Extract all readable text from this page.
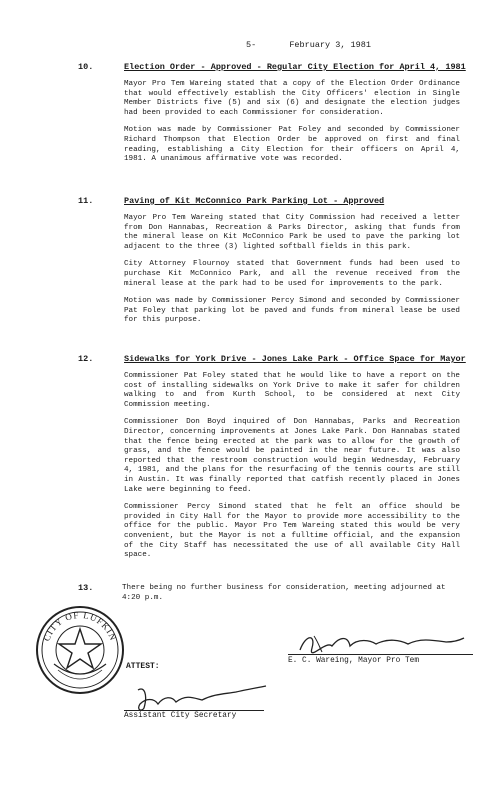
5-	February 3, 1981
10.	Election Order - Approved - Regular City Election for April 4, 1981
Mayor Pro Tem Wareing stated that a copy of the Election Order Ordinance that would effectively establish the City Officers' election in Single Member Districts five (5) and six (6) and designate the election judges had been provided to each Commissioner for consideration.
Motion was made by Commissioner Pat Foley and seconded by Commissioner Richard Thompson that Election Order be approved on first and final reading, establishing a City Election for their officers on April 4, 1981. A unanimous affirmative vote was recorded.
11.	Paving of Kit McConnico Park Parking Lot - Approved
Mayor Pro Tem Wareing stated that City Commission had received a letter from Don Hannabas, Recreation & Parks Director, asking that funds from the mineral lease on Kit McConnico Park be used to pave the parking lot adjacent to the three (3) lighted softball fields in this park.
City Attorney Flournoy stated that Government funds had been used to purchase Kit McConnico Park, and all the revenue received from the mineral lease at the park had to be used for improvements to the park.
Motion was made by Commissioner Percy Simond and seconded by Commissioner Pat Foley that parking lot be paved and funds from mineral lease be used for this purpose.
12.	Sidewalks for York Drive - Jones Lake Park - Office Space for Mayor
Commissioner Pat Foley stated that he would like to have a report on the cost of installing sidewalks on York Drive to make it safer for children walking to and from Kurth School, to be considered at next City Commission meeting.
Commissioner Don Boyd inquired of Don Hannabas, Parks and Recreation Director, concerning improvements at Jones Lake Park. Don Hannabas stated that the fence being erected at the park was to allow for the growth of grass, and the fence would be painted in the near future. It was also reported that the restroom construction would begin Wednesday, February 4, 1981, and the plans for the resurfacing of the tennis courts are still in Austin. It was finally reported that catfish recently placed in Jones Lake were beginning to feed.
Commissioner Percy Simond stated that he felt an office should be provided in City Hall for the Mayor to provide more accessibility to the office for the public. Mayor Pro Tem Wareing stated this would be very convenient, but the Mayor is not a fulltime official, and the expansion of the City Staff has necessitated the use of all available City Hall space.
13.	There being no further business for consideration, meeting adjourned at 4:20 p.m.
CITY OF LUFKIN
E. C. Wareing, Mayor Pro Tem
ATTEST:
Assistant City Secretary
